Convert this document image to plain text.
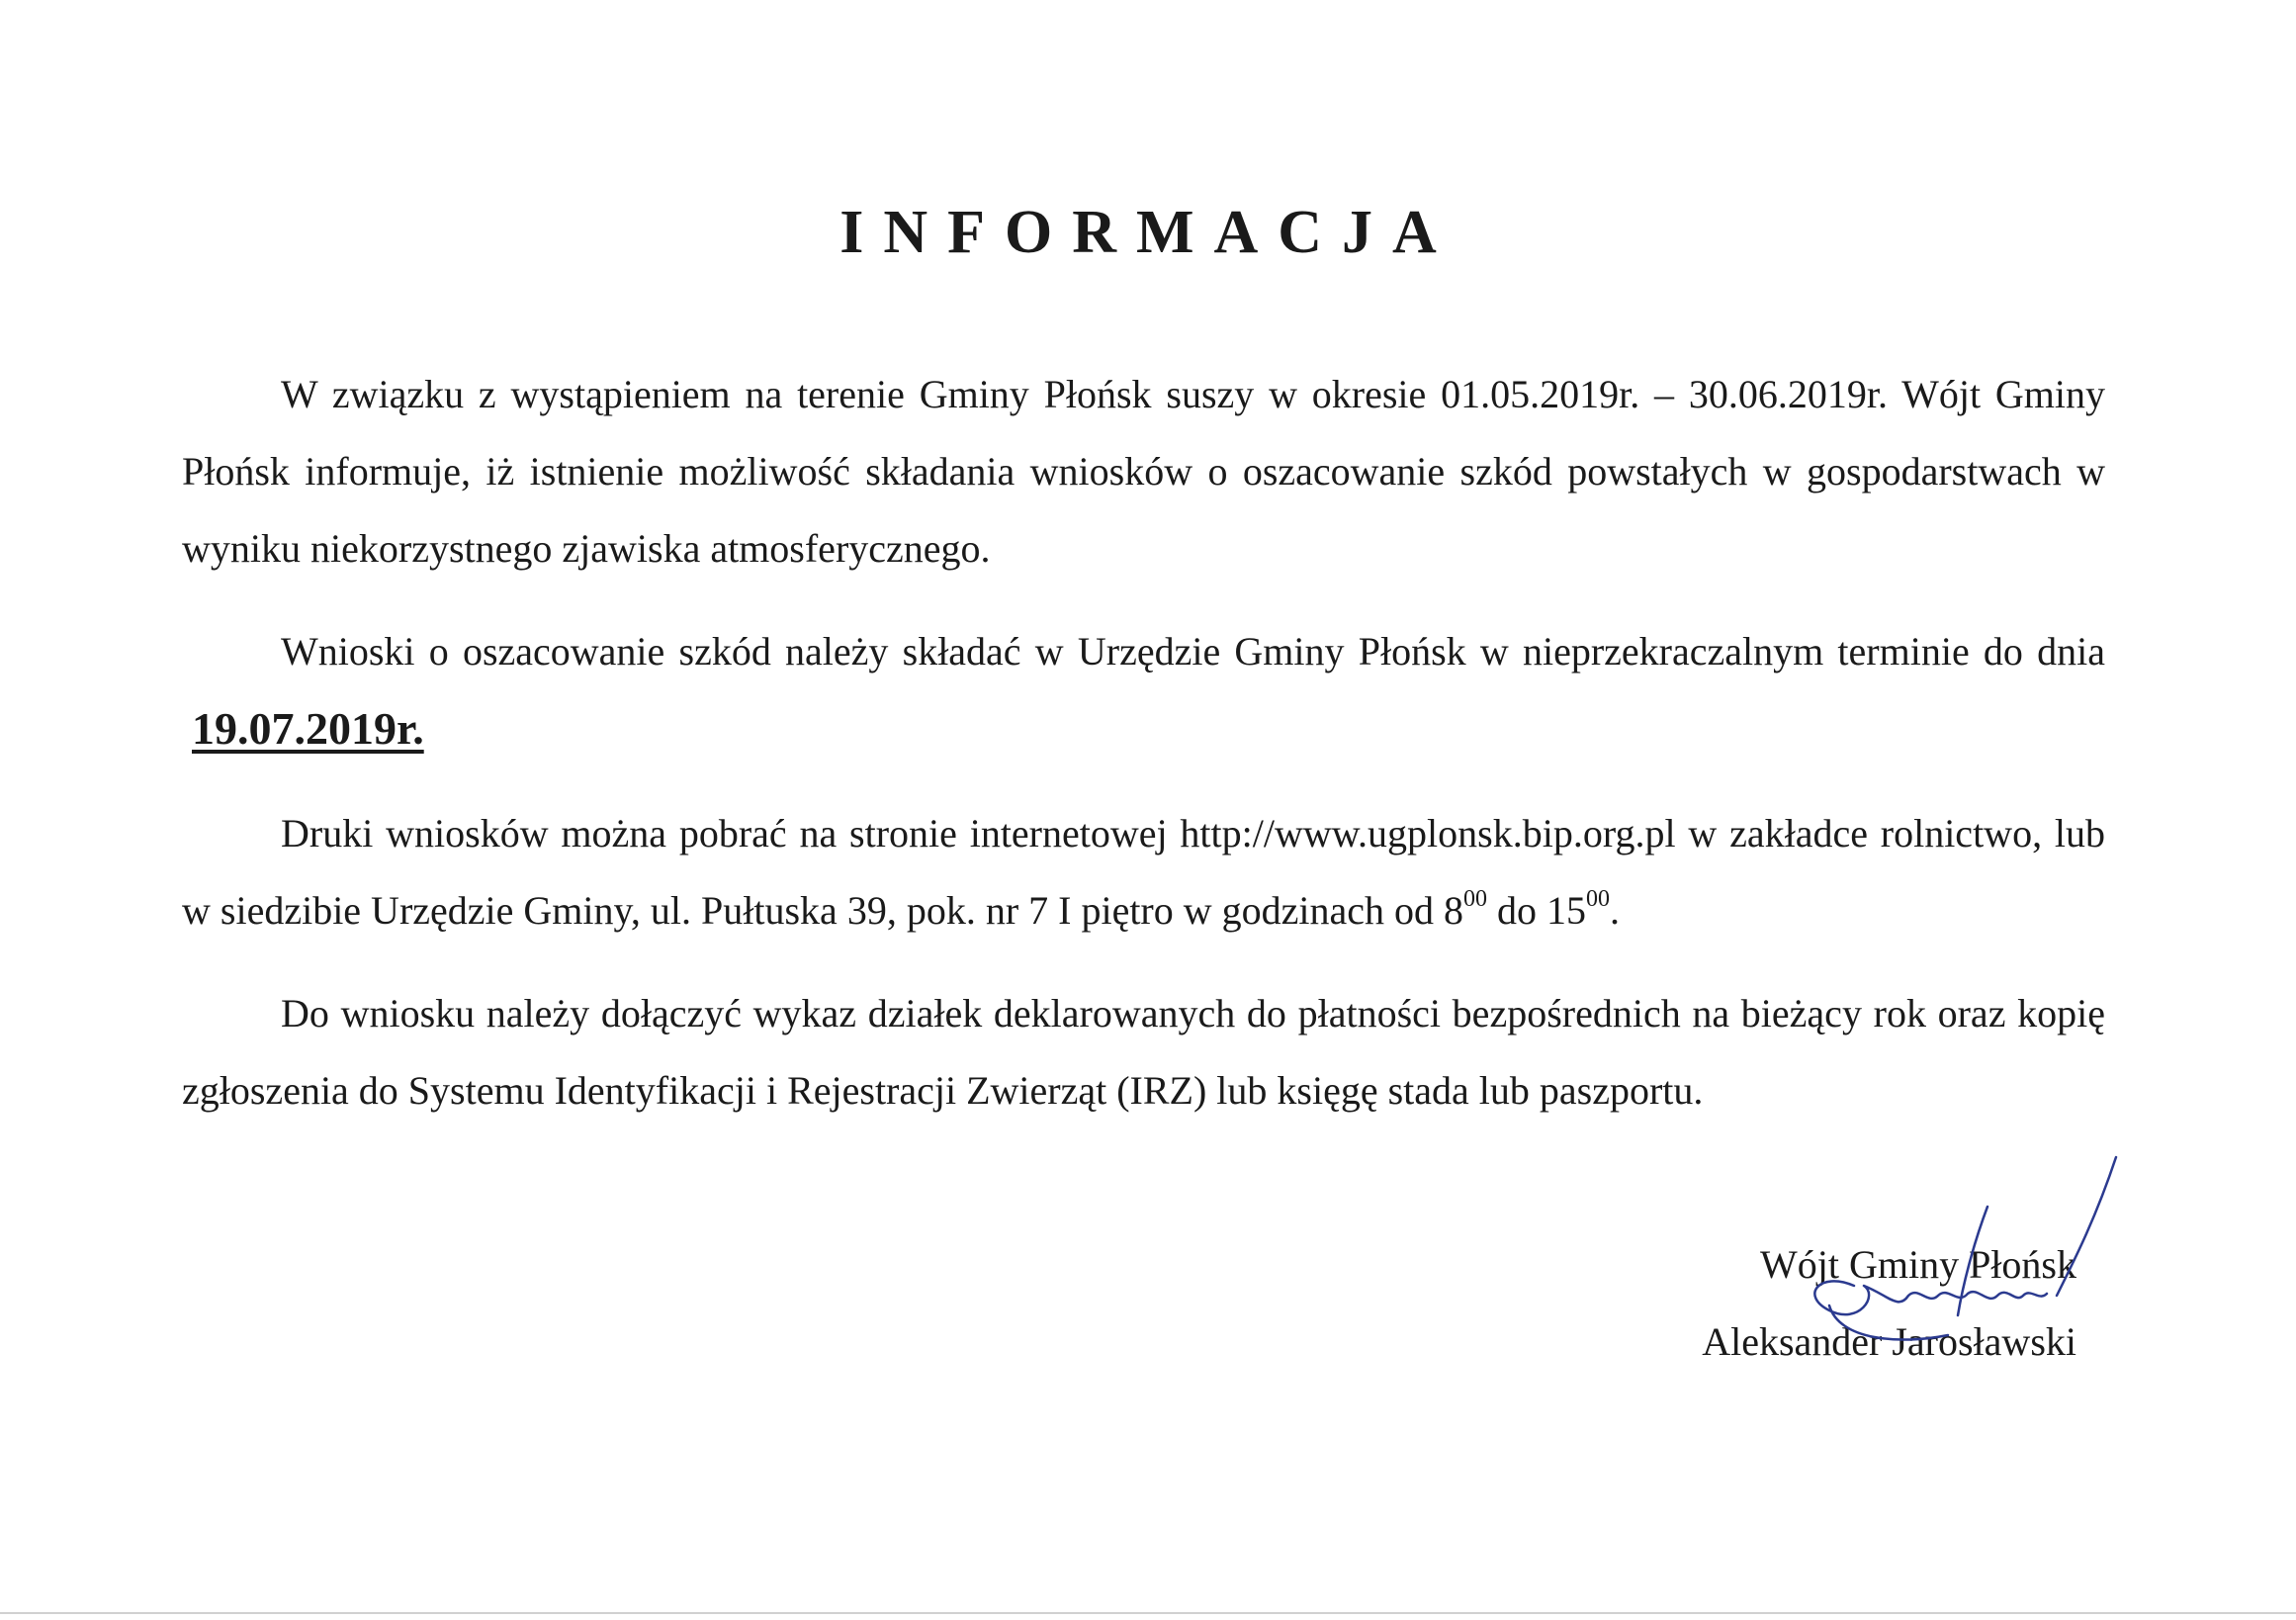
INFORMACJA

W związku z wystąpieniem na terenie Gminy Płońsk suszy w okresie 01.05.2019r. – 30.06.2019r. Wójt Gminy Płońsk informuje, iż istnienie możliwość składania wniosków o oszacowanie szkód powstałych w gospodarstwach w wyniku niekorzystnego zjawiska atmosferycznego.

Wnioski o oszacowanie szkód należy składać w Urzędzie Gminy Płońsk w nieprzekraczalnym terminie do dnia 19.07.2019r.

Druki wniosków można pobrać na stronie internetowej http://www.ugplonsk.bip.org.pl w zakładce rolnictwo, lub w siedzibie Urzędzie Gminy, ul. Pułtuska 39, pok. nr 7 I piętro w godzinach od $8^{00}$ do $15^{00}$.

Do wniosku należy dołączyć wykaz działek deklarowanych do płatności bezpośrednich na bieżący rok oraz kopię zgłoszenia do Systemu Identyfikacji i Rejestracji Zwierząt (IRZ) lub księgę stada lub paszportu.

Wójt Gminy Płońsk
Aleksander Jarosławski
